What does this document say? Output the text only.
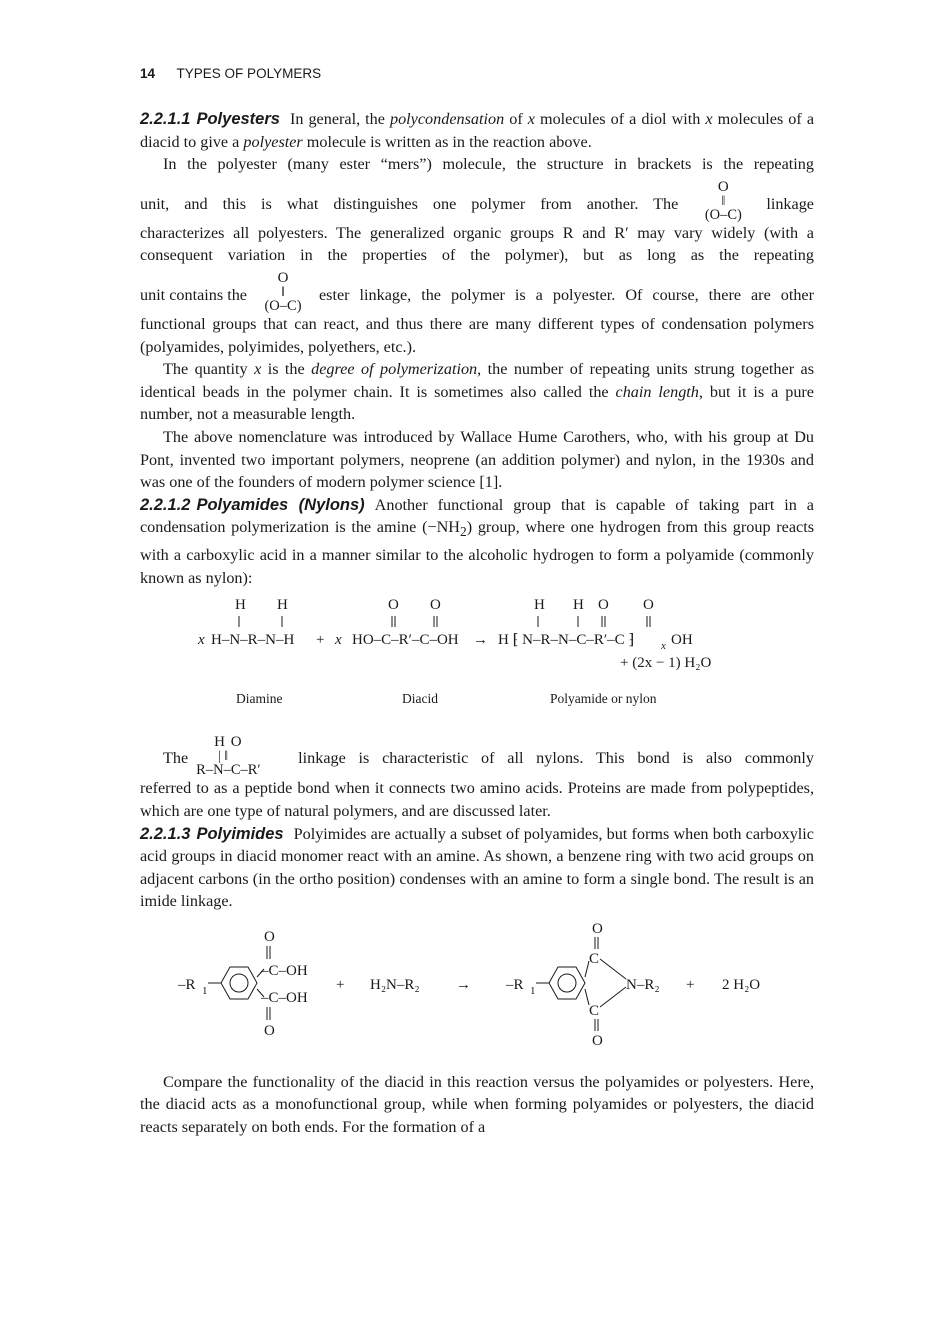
14 TYPES OF POLYMERS

2.2.1.1 Polyesters In general, the polycondensation of x molecules of a diol with x molecules of a diacid to give a polyester molecule is written as in the reaction above.

In the polyester (many ester “mers”) molecule, the structure in brackets is the repeating

unit, and this is what distinguishes one polymer from another. The
O
‖
(O–C)
linkage

characterizes all polyesters. The generalized organic groups R and R′ may vary widely (with a consequent variation in the properties of the polymer), but as long as the repeating

unit contains the
O
‖
(O–C)
ester linkage, the polymer is a polyester. Of course, there are other

functional groups that can react, and thus there are many different types of condensation polymers (polyamides, polyimides, polyethers, etc.).

The quantity x is the degree of polymerization, the number of repeating units strung together as identical beads in the polymer chain. It is sometimes also called the chain length, but it is a pure number, not a measurable length.

The above nomenclature was introduced by Wallace Hume Carothers, who, with his group at Du Pont, invented two important polymers, neoprene (an addition polymer) and nylon, in the 1930s and was one of the founders of modern polymer science [1].

2.2.1.2 Polyamides (Nylons) Another functional group that is capable of taking part in a condensation polymerization is the amine $(-NH_2)$ group, where one hydrogen from this group reacts with a carboxylic acid in a manner similar to the alcoholic hydrogen to form a polyamide (commonly known as nylon):

H H
x H–N–R–N–H + x
O O
HO–C–R′–C–OH →
H H O O
H ⁅ N–R–N–C–R′–C ⁆ x OH
+ (2x − 1) H₂O
Diamine	Diacid	Polyamide or nylon
The
H O
| ‖
R–N–C–R′
linkage is characteristic of all nylons. This bond is also commonly

referred to as a peptide bond when it connects two amino acids. Proteins are made from polypeptides, which are one type of natural polymers, and are discussed later.

2.2.1.3 Polyimides Polyimides are actually a subset of polyamides, but forms when both carboxylic acid groups in diacid monomer react with an amine. As shown, a benzene ring with two acid groups on adjacent carbons (in the ortho position) condenses with an amine to form a single bond. The result is an imide linkage.

–R 1
–C–OH
–C–OH
O
O
+ H₂N–R₂ → –R 1
C
C
O
O
N–R₂ + 2 H₂O

Compare the functionality of the diacid in this reaction versus the polyamides or polyesters. Here, the diacid acts as a monofunctional group, while when forming polyamides or polyesters, the diacid reacts separately on both ends. For the formation of a
